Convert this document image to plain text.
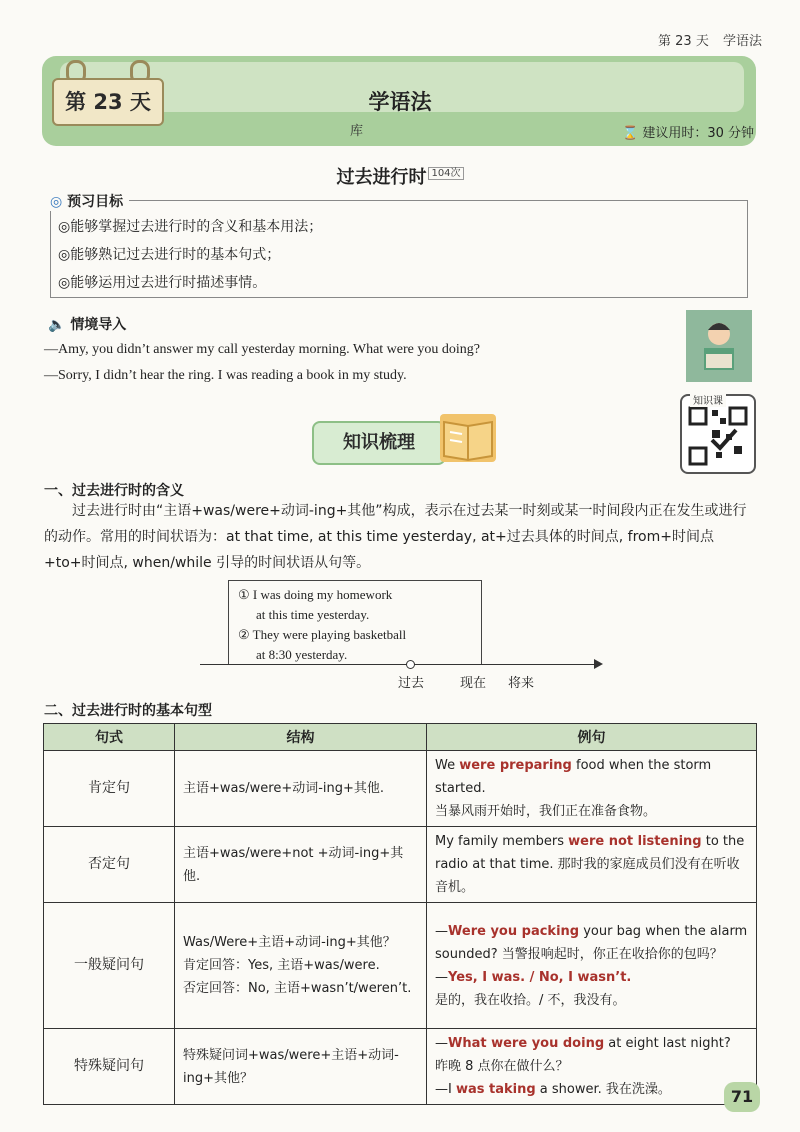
第 23 天 学语法
第 23 天	学语法
库	⌛ 建议用时：30 分钟
过去进行时 $^{104次}$
◎ 预习目标
◎能够掌握过去进行时的含义和基本用法；
◎能够熟记过去进行时的基本句式；
◎能够运用过去进行时描述事情。
🔈 情境导入
—Amy, you didn’t answer my call yesterday morning. What were you doing?
—Sorry, I didn’t hear the ring. I was reading a book in my study.
知识课
知识梳理
一、过去进行时的含义
过去进行时由“主语+was/were+动词-ing+其他”构成，表示在过去某一时刻或某一时间段内正在发生或进行的动作。常用的时间状语为：at that time, at this time yesterday, at+过去具体的时间点, from+时间点+to+时间点, when/while 引导的时间状语从句等。
① I was doing my homework
at this time yesterday.
② They were playing basketball
at 8:30 yesterday.
过去	现在 将来
二、过去进行时的基本句型
句式	结构	例句
肯定句	主语+was/were+动词-ing+其他.	We were preparing food when the storm started.
当暴风雨开始时，我们正在准备食物。
否定句	主语+was/were+not +动词-ing+其他.	My family members were not listening to the radio at that time. 那时我的家庭成员们没有在听收音机。
一般疑问句	Was/Were+主语+动词-ing+其他？
肯定回答：Yes, 主语+was/were.
否定回答：No, 主语+wasn’t/weren’t.	—Were you packing your bag when the alarm sounded? 当警报响起时，你正在收拾你的包吗？
—Yes, I was. / No, I wasn’t.
是的，我在收拾。/ 不，我没有。
特殊疑问句	特殊疑问词+was/were+主语+动词-ing+其他？	—What were you doing at eight last night?
昨晚 8 点你在做什么？
—I was taking a shower. 我在洗澡。	71
